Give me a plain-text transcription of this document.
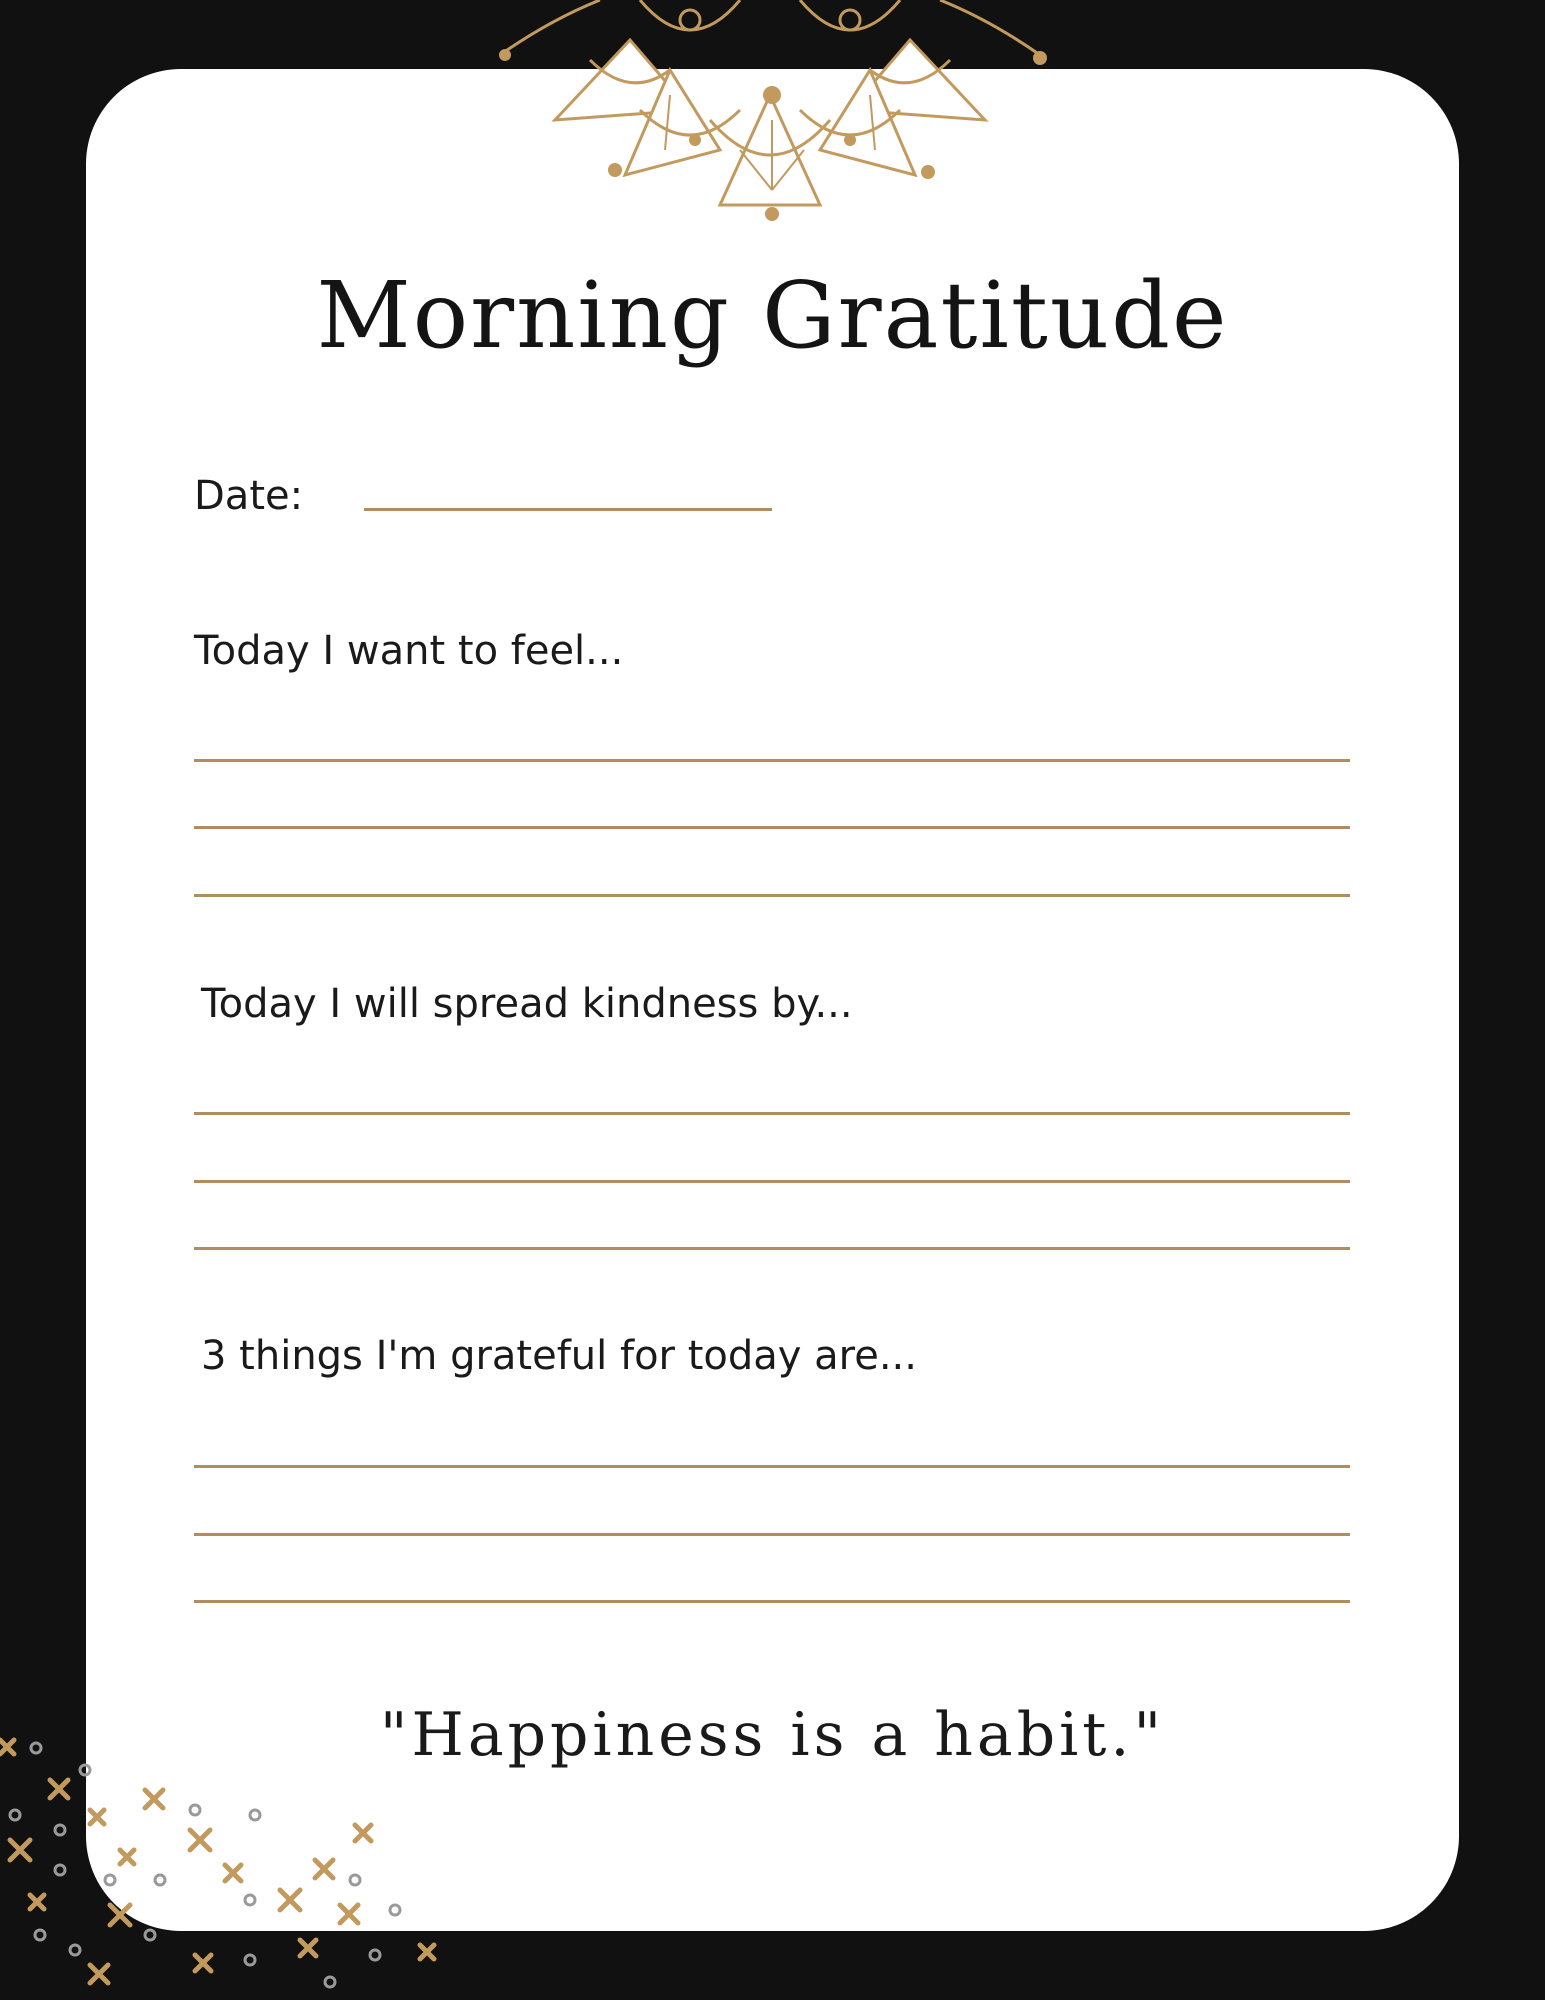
Morning Gratitude
Date:
Today I want to feel...
Today I will spread kindness by...
3 things I'm grateful for today are...
"Happiness is a habit."
